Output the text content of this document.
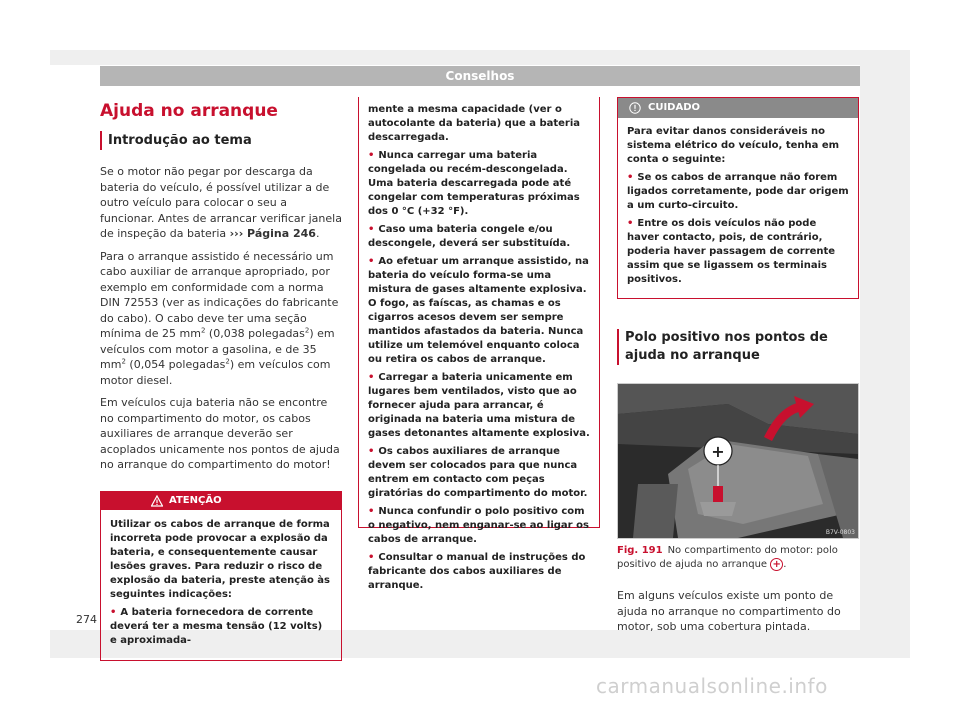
Conselhos
Ajuda no arranque
Introdução ao tema

Se o motor não pegar por descarga da bateria do veículo, é possível utilizar a de outro veículo para colocar o seu a funcionar. Antes de arrancar verificar janela de inspeção da bateria ››› Página 246.

Para o arranque assistido é necessário um cabo auxiliar de arranque apropriado, por exemplo em conformidade com a norma DIN 72553 (ver as indicações do fabricante do cabo). O cabo deve ter uma seção mínima de 25 $mm^2$ (0,038 polegadas$^2$) em veículos com motor a gasolina, e de 35 $mm^2$ (0,054 polegadas$^2$) em veículos com motor diesel.

Em veículos cuja bateria não se encontre no compartimento do motor, os cabos auxiliares de arranque deverão ser acoplados unicamente nos pontos de ajuda no arranque do compartimento do motor!

ATENÇÃO

Utilizar os cabos de arranque de forma incorreta pode provocar a explosão da bateria, e consequentemente causar lesões graves. Para reduzir o risco de explosão da bateria, preste atenção às seguintes indicações:

• A bateria fornecedora de corrente deverá ter a mesma tensão (12 volts) e aproximada-

mente a mesma capacidade (ver o autocolante da bateria) que a bateria descarregada.

• Nunca carregar uma bateria congelada ou recém-descongelada. Uma bateria descarregada pode até congelar com temperaturas próximas dos 0 °C (+32 °F).

• Caso uma bateria congele e/ou descongele, deverá ser substituída.

• Ao efetuar um arranque assistido, na bateria do veículo forma-se uma mistura de gases altamente explosiva. O fogo, as faíscas, as chamas e os cigarros acesos devem ser sempre mantidos afastados da bateria. Nunca utilize um telemóvel enquanto coloca ou retira os cabos de arranque.

• Carregar a bateria unicamente em lugares bem ventilados, visto que ao fornecer ajuda para arrancar, é originada na bateria uma mistura de gases detonantes altamente explosiva.

• Os cabos auxiliares de arranque devem ser colocados para que nunca entrem em contacto com peças giratórias do compartimento do motor.

• Nunca confundir o polo positivo com o negativo, nem enganar-se ao ligar os cabos de arranque.

• Consultar o manual de instruções do fabricante dos cabos auxiliares de arranque.

CUIDADO

Para evitar danos consideráveis no sistema elétrico do veículo, tenha em conta o seguinte:

• Se os cabos de arranque não forem ligados corretamente, pode dar origem a um curto-circuito.

• Entre os dois veículos não pode haver contacto, pois, de contrário, poderia haver passagem de corrente assim que se ligassem os terminais positivos.

Polo positivo nos pontos de ajuda no arranque
+
B7V-0803
Fig. 191 No compartimento do motor: polo positivo de ajuda no arranque + .
Em alguns veículos existe um ponto de ajuda no arranque no compartimento do motor, sob uma cobertura pintada.
274
carmanualsonline.info
